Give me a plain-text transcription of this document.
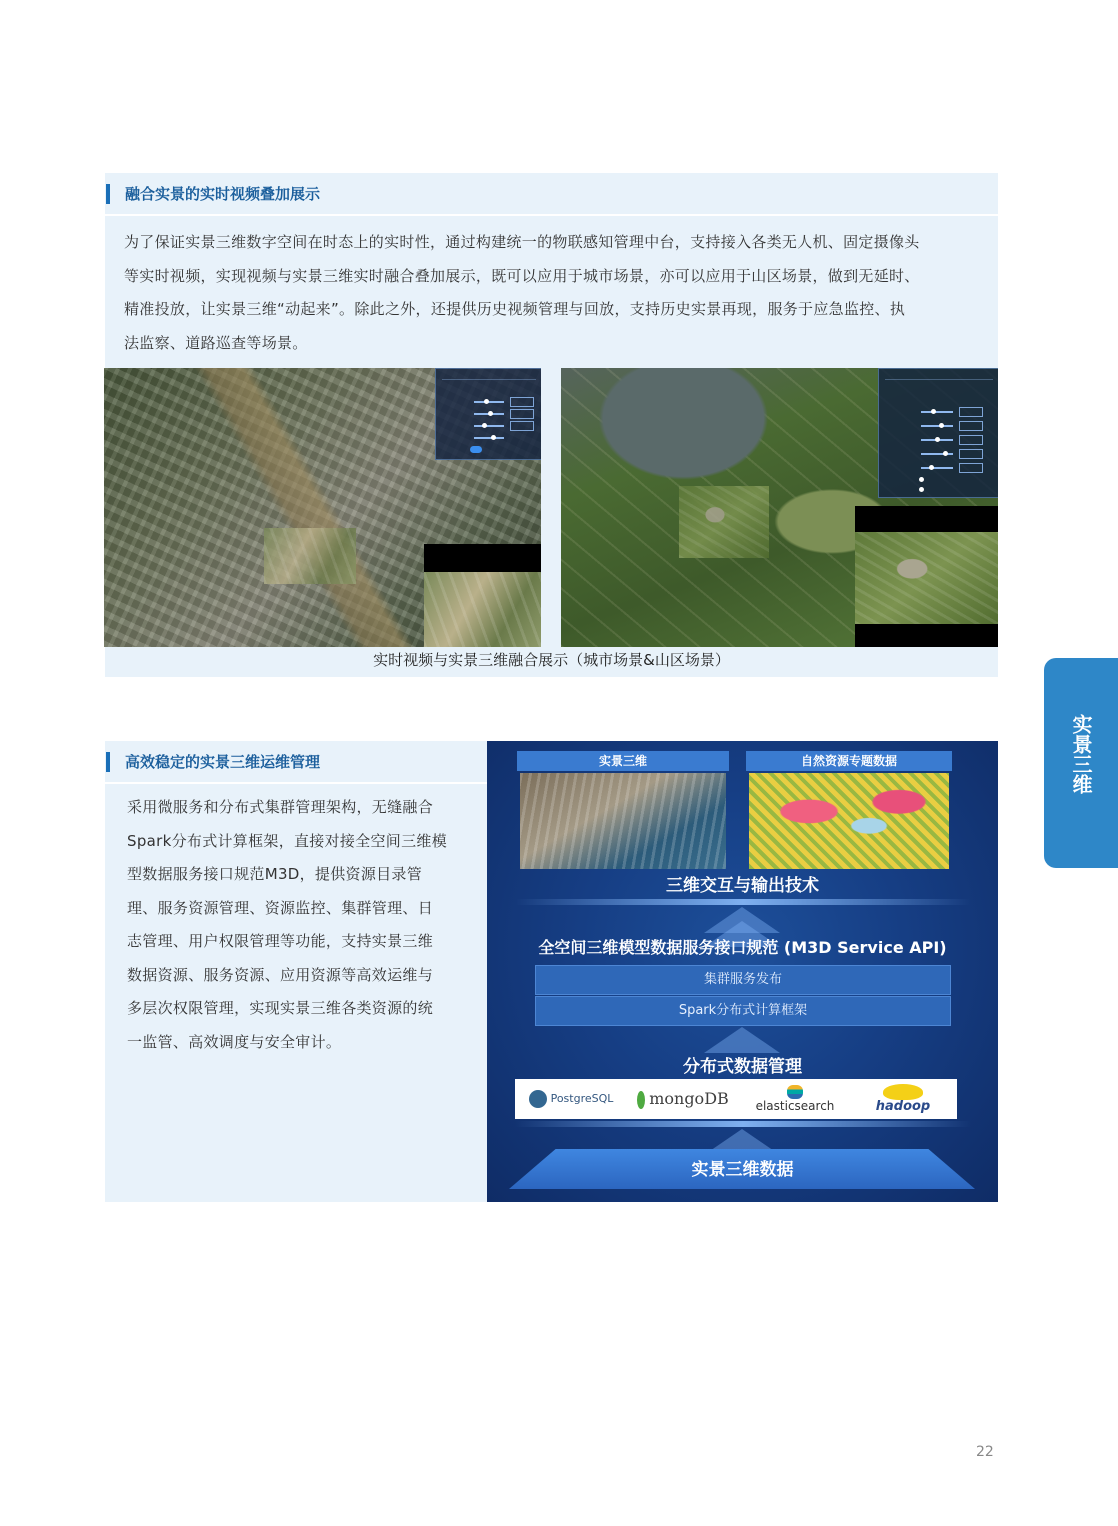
融合实景的实时视频叠加展示
为了保证实景三维数字空间在时态上的实时性，通过构建统一的物联感知管理中台，支持接入各类无人机、固定摄像头
等实时视频，实现视频与实景三维实时融合叠加展示，既可以应用于城市场景，亦可以应用于山区场景，做到无延时、
精准投放，让实景三维“动起来”。除此之外，还提供历史视频管理与回放，支持历史实景再现，服务于应急监控、执
法监察、道路巡查等场景。
实时视频与实景三维融合展示（城市场景&山区场景）
实景三维
高效稳定的实景三维运维管理
采用微服务和分布式集群管理架构，无缝融合
Spark分布式计算框架，直接对接全空间三维模
型数据服务接口规范M3D，提供资源目录管
理、服务资源管理、资源监控、集群管理、日
志管理、用户权限管理等功能，支持实景三维
数据资源、服务资源、应用资源等高效运维与
多层次权限管理，实现实景三维各类资源的统
一监管、高效调度与安全审计。
实景三维	自然资源专题数据
三维交互与输出技术
全空间三维模型数据服务接口规范 (M3D Service API)
集群服务发布
Spark分布式计算框架
分布式数据管理
PostgreSQL	mongoDB	elasticsearch	hadoop
实景三维数据
22
